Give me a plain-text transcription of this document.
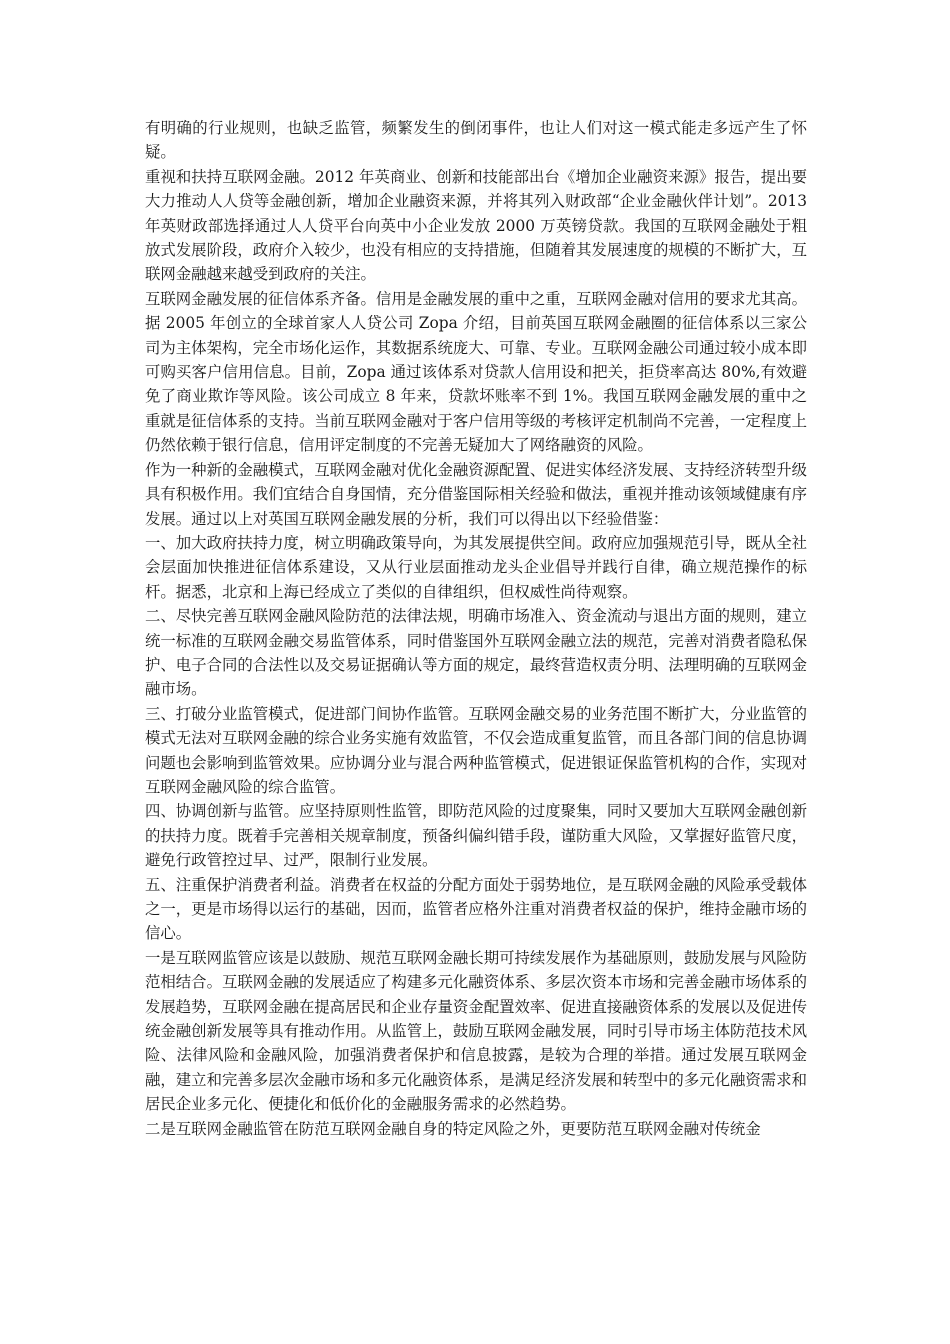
有明确的行业规则，也缺乏监管，频繁发生的倒闭事件，也让人们对这一模式能走多远产生了怀疑。

重视和扶持互联网金融。2012 年英商业、创新和技能部出台《增加企业融资来源》报告，提出要大力推动人人贷等金融创新，增加企业融资来源，并将其列入财政部“企业金融伙伴计划”。2013 年英财政部选择通过人人贷平台向英中小企业发放 2000 万英镑贷款。我国的互联网金融处于粗放式发展阶段，政府介入较少，也没有相应的支持措施，但随着其发展速度的规模的不断扩大，互联网金融越来越受到政府的关注。

互联网金融发展的征信体系齐备。信用是金融发展的重中之重，互联网金融对信用的要求尤其高。据 2005 年创立的全球首家人人贷公司 Zopa 介绍，目前英国互联网金融圈的征信体系以三家公司为主体架构，完全市场化运作，其数据系统庞大、可靠、专业。互联网金融公司通过较小成本即可购买客户信用信息。目前，Zopa 通过该体系对贷款人信用设和把关，拒贷率高达 80%,有效避免了商业欺诈等风险。该公司成立 8 年来，贷款坏账率不到 1%。我国互联网金融发展的重中之重就是征信体系的支持。当前互联网金融对于客户信用等级的考核评定机制尚不完善，一定程度上仍然依赖于银行信息，信用评定制度的不完善无疑加大了网络融资的风险。

作为一种新的金融模式，互联网金融对优化金融资源配置、促进实体经济发展、支持经济转型升级具有积极作用。我们宜结合自身国情，充分借鉴国际相关经验和做法，重视并推动该领域健康有序发展。通过以上对英国互联网金融发展的分析，我们可以得出以下经验借鉴：

一、加大政府扶持力度，树立明确政策导向，为其发展提供空间。政府应加强规范引导，既从全社会层面加快推进征信体系建设，又从行业层面推动龙头企业倡导并践行自律，确立规范操作的标杆。据悉，北京和上海已经成立了类似的自律组织，但权威性尚待观察。

二、尽快完善互联网金融风险防范的法律法规，明确市场准入、资金流动与退出方面的规则，建立统一标准的互联网金融交易监管体系，同时借鉴国外互联网金融立法的规范，完善对消费者隐私保护、电子合同的合法性以及交易证据确认等方面的规定，最终营造权责分明、法理明确的互联网金融市场。

三、打破分业监管模式，促进部门间协作监管。互联网金融交易的业务范围不断扩大，分业监管的模式无法对互联网金融的综合业务实施有效监管，不仅会造成重复监管，而且各部门间的信息协调问题也会影响到监管效果。应协调分业与混合两种监管模式，促进银证保监管机构的合作，实现对互联网金融风险的综合监管。

四、协调创新与监管。应坚持原则性监管，即防范风险的过度聚集，同时又要加大互联网金融创新的扶持力度。既着手完善相关规章制度，预备纠偏纠错手段，谨防重大风险，又掌握好监管尺度，避免行政管控过早、过严，限制行业发展。

五、注重保护消费者利益。消费者在权益的分配方面处于弱势地位，是互联网金融的风险承受载体之一，更是市场得以运行的基础，因而，监管者应格外注重对消费者权益的保护，维持金融市场的信心。

一是互联网监管应该是以鼓励、规范互联网金融长期可持续发展作为基础原则，鼓励发展与风险防范相结合。互联网金融的发展适应了构建多元化融资体系、多层次资本市场和完善金融市场体系的发展趋势，互联网金融在提高居民和企业存量资金配置效率、促进直接融资体系的发展以及促进传统金融创新发展等具有推动作用。从监管上，鼓励互联网金融发展，同时引导市场主体防范技术风险、法律风险和金融风险，加强消费者保护和信息披露，是较为合理的举措。通过发展互联网金融，建立和完善多层次金融市场和多元化融资体系，是满足经济发展和转型中的多元化融资需求和居民企业多元化、便捷化和低价化的金融服务需求的必然趋势。

二是互联网金融监管在防范互联网金融自身的特定风险之外，更要防范互联网金融对传统金
